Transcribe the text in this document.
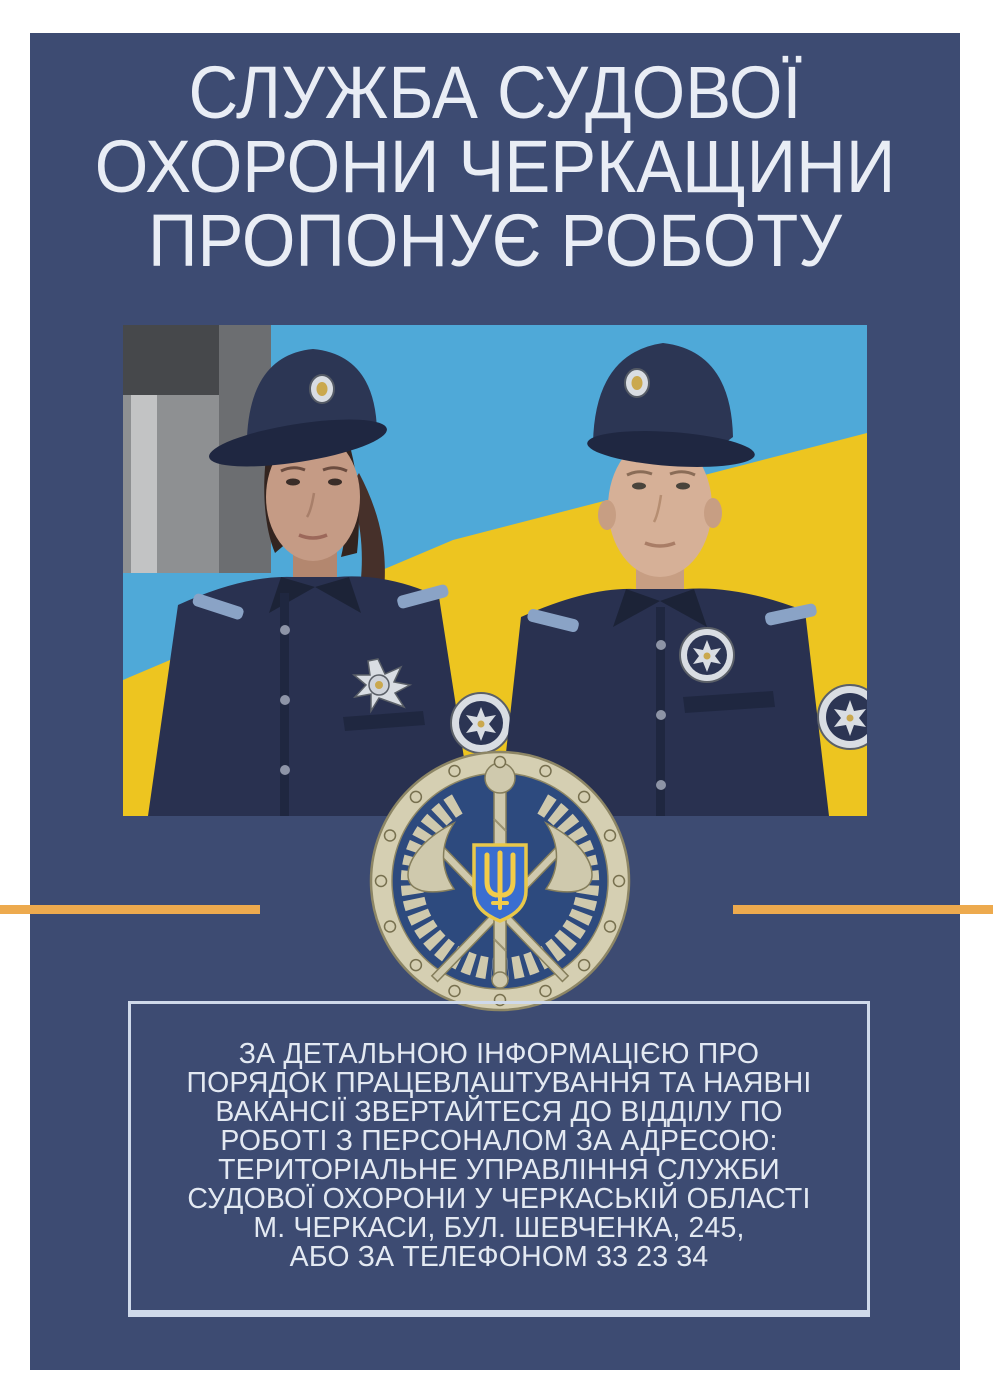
СЛУЖБА СУДОВОЇ
ОХОРОНИ ЧЕРКАЩИНИ
ПРОПОНУЄ РОБОТУ
ЗА ДЕТАЛЬНОЮ ІНФОРМАЦІЄЮ ПРО
ПОРЯДОК ПРАЦЕВЛАШТУВАННЯ ТА НАЯВНІ
ВАКАНСІЇ ЗВЕРТАЙТЕСЯ ДО ВІДДІЛУ ПО
РОБОТІ З ПЕРСОНАЛОМ ЗА АДРЕСОЮ:
ТЕРИТОРІАЛЬНЕ УПРАВЛІННЯ СЛУЖБИ
СУДОВОЇ ОХОРОНИ У ЧЕРКАСЬКІЙ ОБЛАСТІ
М. ЧЕРКАСИ, БУЛ. ШЕВЧЕНКА, 245,
АБО ЗА ТЕЛЕФОНОМ 33 23 34
